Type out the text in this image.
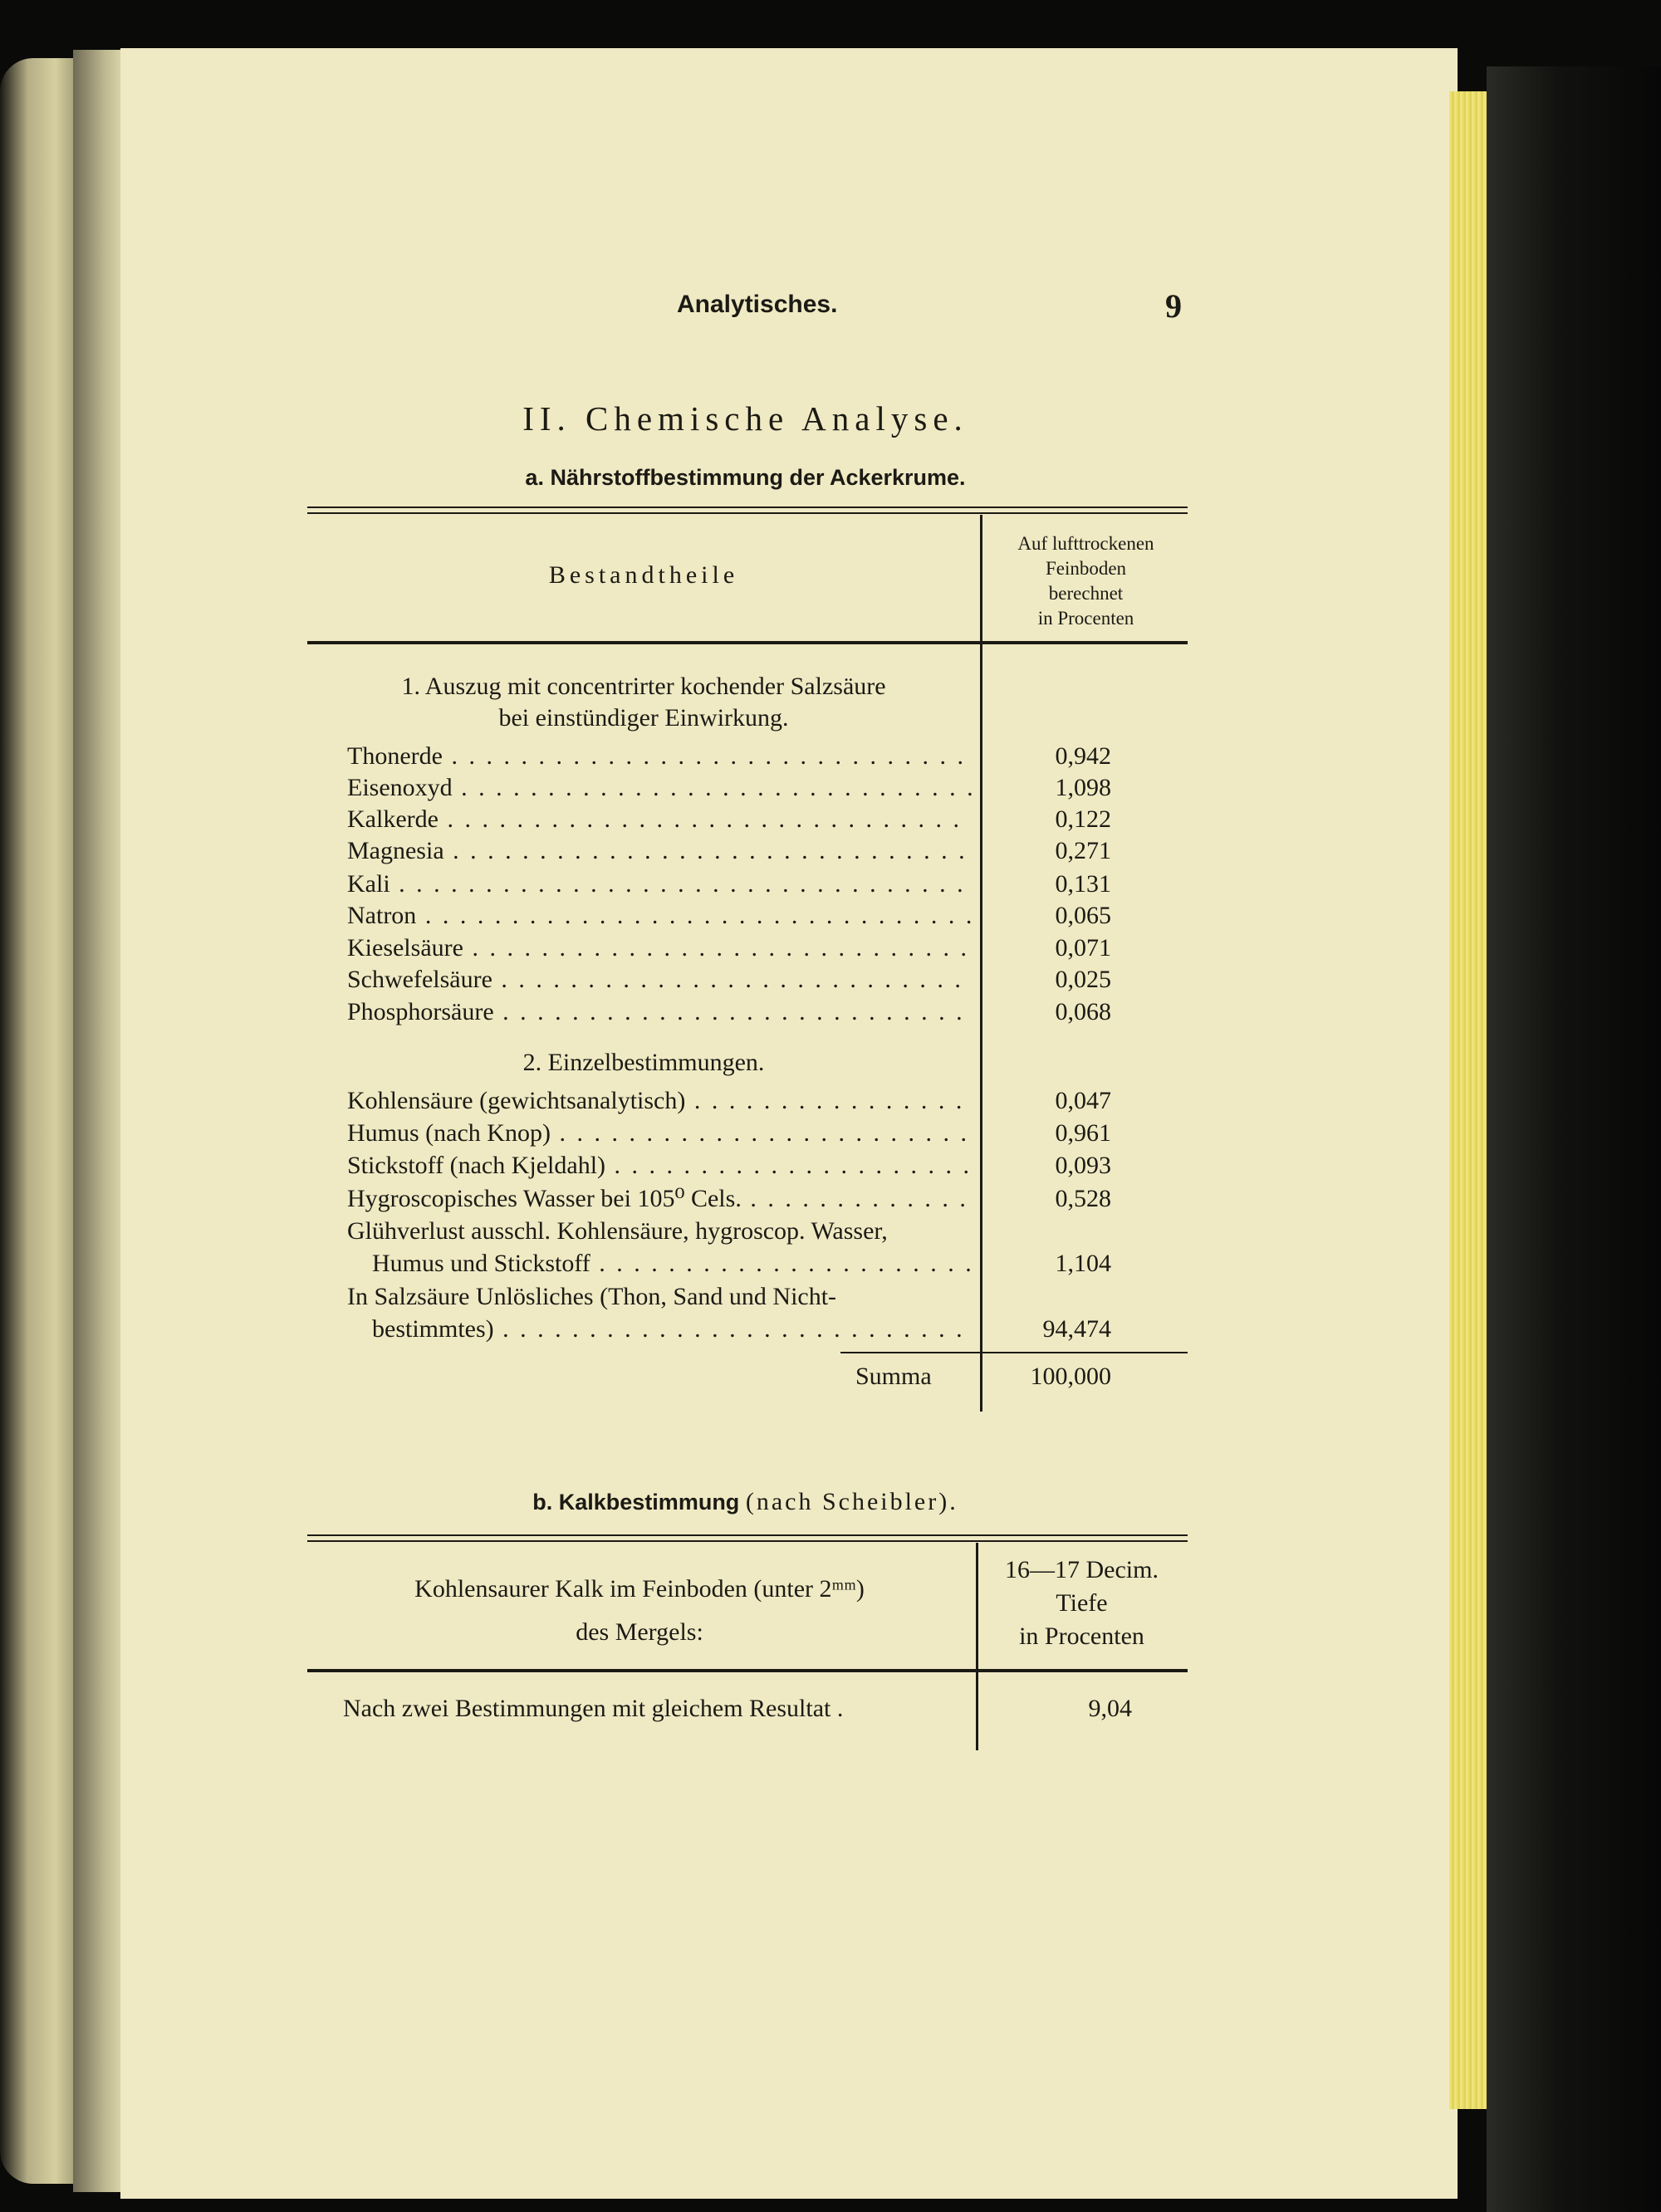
Analytisches.	9
II. Chemische Analyse.
a. Nährstoffbestimmung der Ackerkrume.
Bestandtheile
Auf lufttrockenen
Feinboden
berechnet
in Procenten
1. Auszug mit concentrirter kochender Salzsäure
bei einstündiger Einwirkung.
Thonerde . . .	0,942
Eisenoxyd . . .	1,098
Kalkerde . . .	0,122
Magnesia . . .	0,271
Kali . . .	0,131
Natron . . .	0,065
Kieselsäure . . .	0,071
Schwefelsäure . . .	0,025
Phosphorsäure . . .	0,068
2. Einzelbestimmungen.
Kohlensäure (gewichtsanalytisch) . . .	0,047
Humus (nach Knop) . . .	0,961
Stickstoff (nach Kjeldahl) . . .	0,093
Hygroscopisches Wasser bei 105⁰ Cels. . . .	0,528
Glühverlust ausschl. Kohlensäure, hygroscop. Wasser,
Humus und Stickstoff . . .	1,104
In Salzsäure Unlösliches (Thon, Sand und Nicht-
bestimmtes) . . .	94,474
Summa	100,000
b. Kalkbestimmung (nach Scheibler).
Kohlensaurer Kalk im Feinboden (unter 2ᵐᵐ)
des Mergels:
16—17 Decim.
Tiefe
in Procenten
Nach zwei Bestimmungen mit gleichem Resultat .	9,04
